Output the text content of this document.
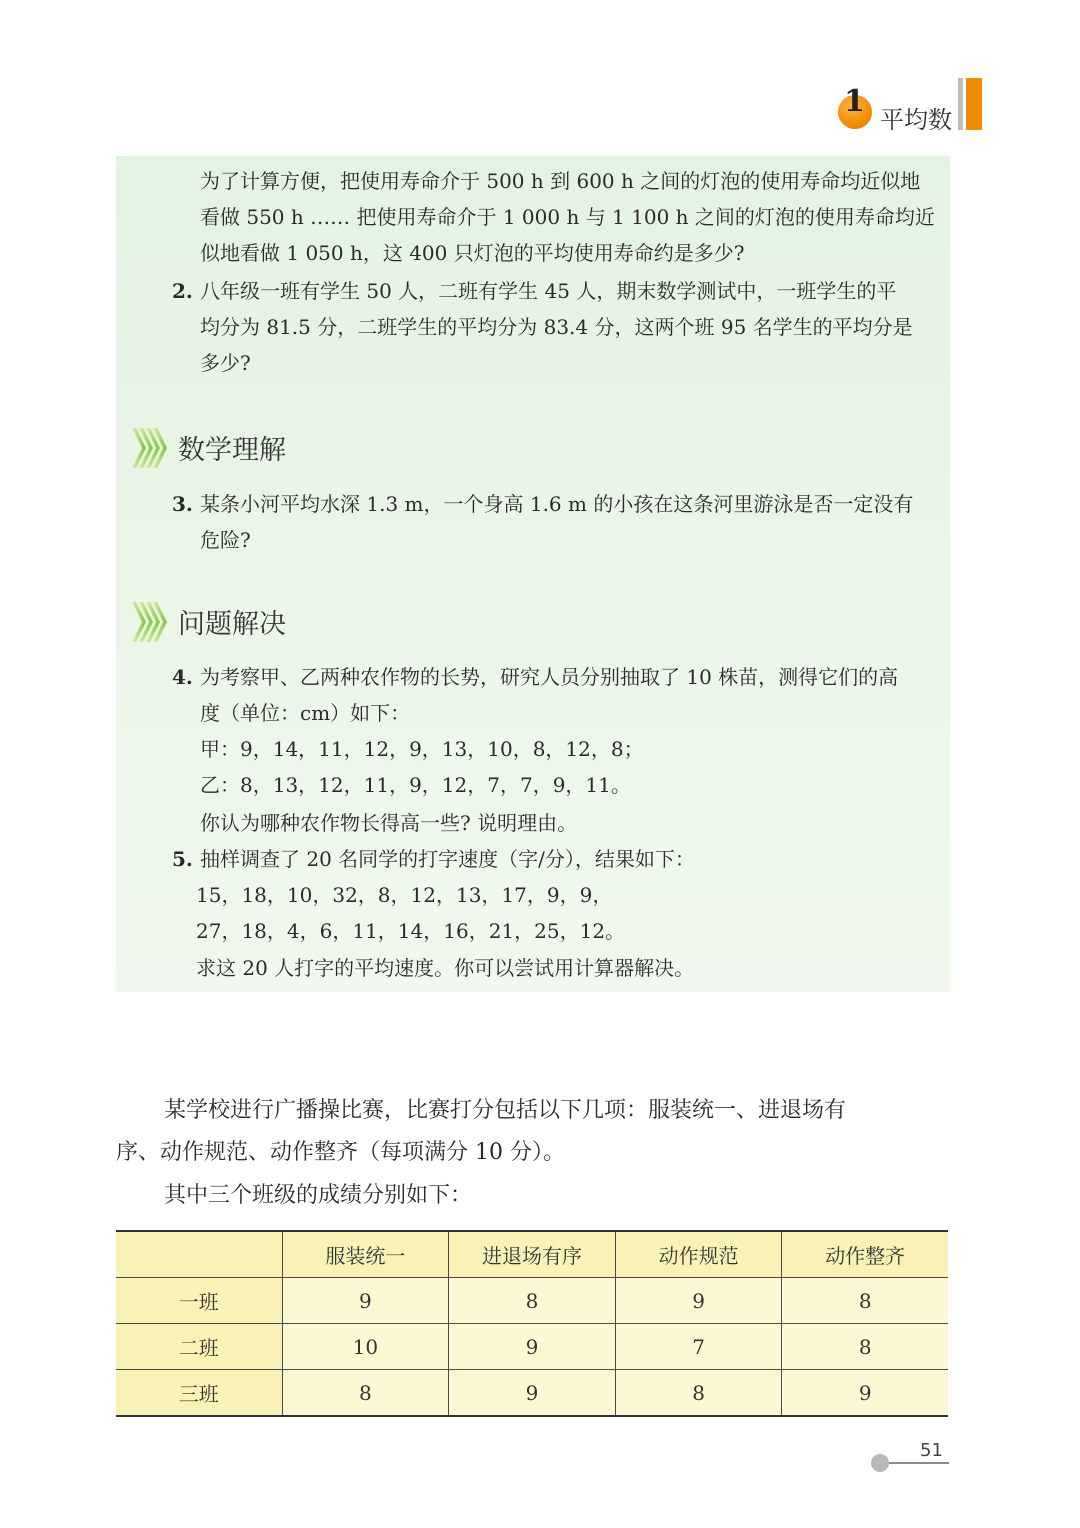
1
平均数
为了计算方便，把使用寿命介于 500 h 到 600 h 之间的灯泡的使用寿命均近似地
看做 550 h …… 把使用寿命介于 1 000 h 与 1 100 h 之间的灯泡的使用寿命均近
似地看做 1 050 h，这 400 只灯泡的平均使用寿命约是多少?
2. 八年级一班有学生 50 人，二班有学生 45 人，期末数学测试中，一班学生的平
均分为 81.5 分，二班学生的平均分为 83.4 分，这两个班 95 名学生的平均分是
多少?
数学理解
3. 某条小河平均水深 1.3 m，一个身高 1.6 m 的小孩在这条河里游泳是否一定没有
危险?
问题解决
4. 为考察甲、乙两种农作物的长势，研究人员分别抽取了 10 株苗，测得它们的高
度（单位：cm）如下：
甲：9，14，11，12，9，13，10，8，12，8；
乙：8，13，12，11，9，12，7，7，9，11。
你认为哪种农作物长得高一些? 说明理由。
5. 抽样调查了 20 名同学的打字速度（字/分），结果如下：
15，18，10，32，8，12，13，17，9，9，
27，18，4，6，11，14，16，21，25，12。
求这 20 人打字的平均速度。你可以尝试用计算器解决。
某学校进行广播操比赛，比赛打分包括以下几项：服装统一、进退场有
序、动作规范、动作整齐（每项满分 10 分）。
其中三个班级的成绩分别如下：
	服装统一	进退场有序	动作规范	动作整齐
一班	9	8	9	8
二班	10	9	7	8
三班	8	9	8	9
51
